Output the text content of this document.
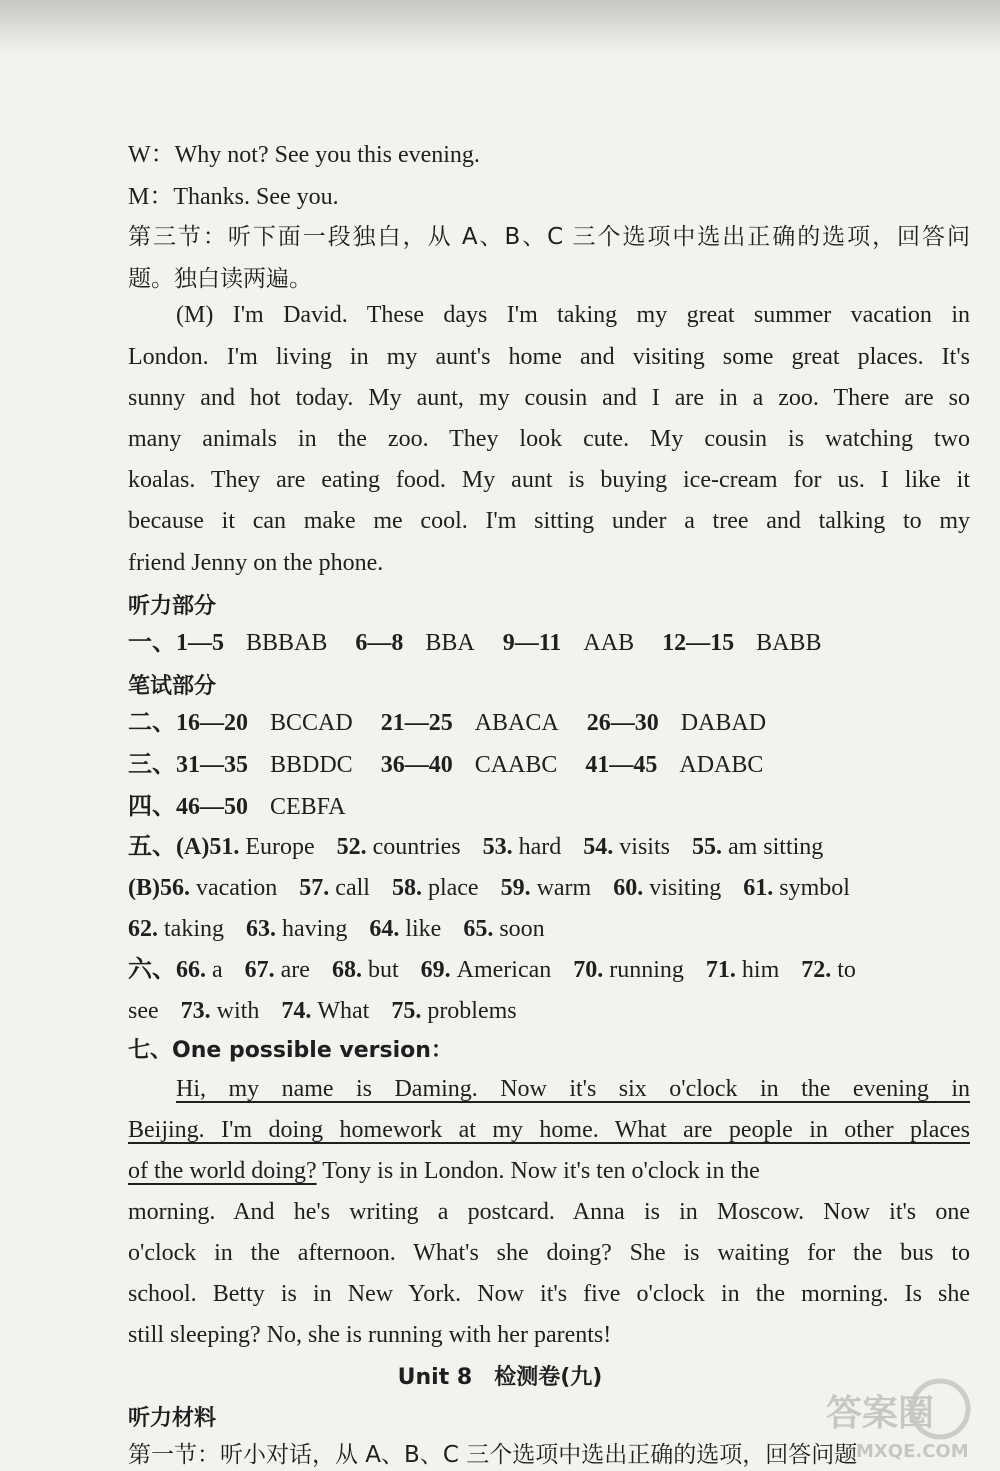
W：Why not? See you this evening.
M：Thanks. See you.
第三节：听下面一段独白，从 A、B、C 三个选项中选出正确的选项，回答问
题。独白读两遍。
(M) I'm David. These days I'm taking my great summer vacation in
London. I'm living in my aunt's home and visiting some great places. It's
sunny and hot today. My aunt, my cousin and I are in a zoo. There are so
many animals in the zoo. They look cute. My cousin is watching two
koalas. They are eating food. My aunt is buying ice-cream for us. I like it
because it can make me cool. I'm sitting under a tree and talking to my
friend Jenny on the phone.
听力部分
一、1—5 BBBAB 6—8 BBA 9—11 AAB 12—15 BABB
笔试部分
二、16—20 BCCAD 21—25 ABACA 26—30 DABAD
三、31—35 BBDDC 36—40 CAABC 41—45 ADABC
四、46—50 CEBFA
五、(A)51. Europe 52. countries 53. hard 54. visits 55. am sitting
(B)56. vacation 57. call 58. place 59. warm 60. visiting 61. symbol
62. taking 63. having 64. like 65. soon
六、66. a 67. are 68. but 69. American 70. running 71. him 72. to
see 73. with 74. What 75. problems
七、One possible version：
Hi, my name is Daming. Now it's six o'clock in the evening in
Beijing. I'm doing homework at my home. What are people in other places
of the world doing? Tony is in London. Now it's ten o'clock in the
morning. And he's writing a postcard. Anna is in Moscow. Now it's one
o'clock in the afternoon. What's she doing? She is waiting for the bus to
school. Betty is in New York. Now it's five o'clock in the morning. Is she
still sleeping? No, she is running with her parents!
Unit 8　检测卷(九)
听力材料
第一节：听小对话，从 A、B、C 三个选项中选出正确的选项，回答问题
答案圈
MXQE.COM
